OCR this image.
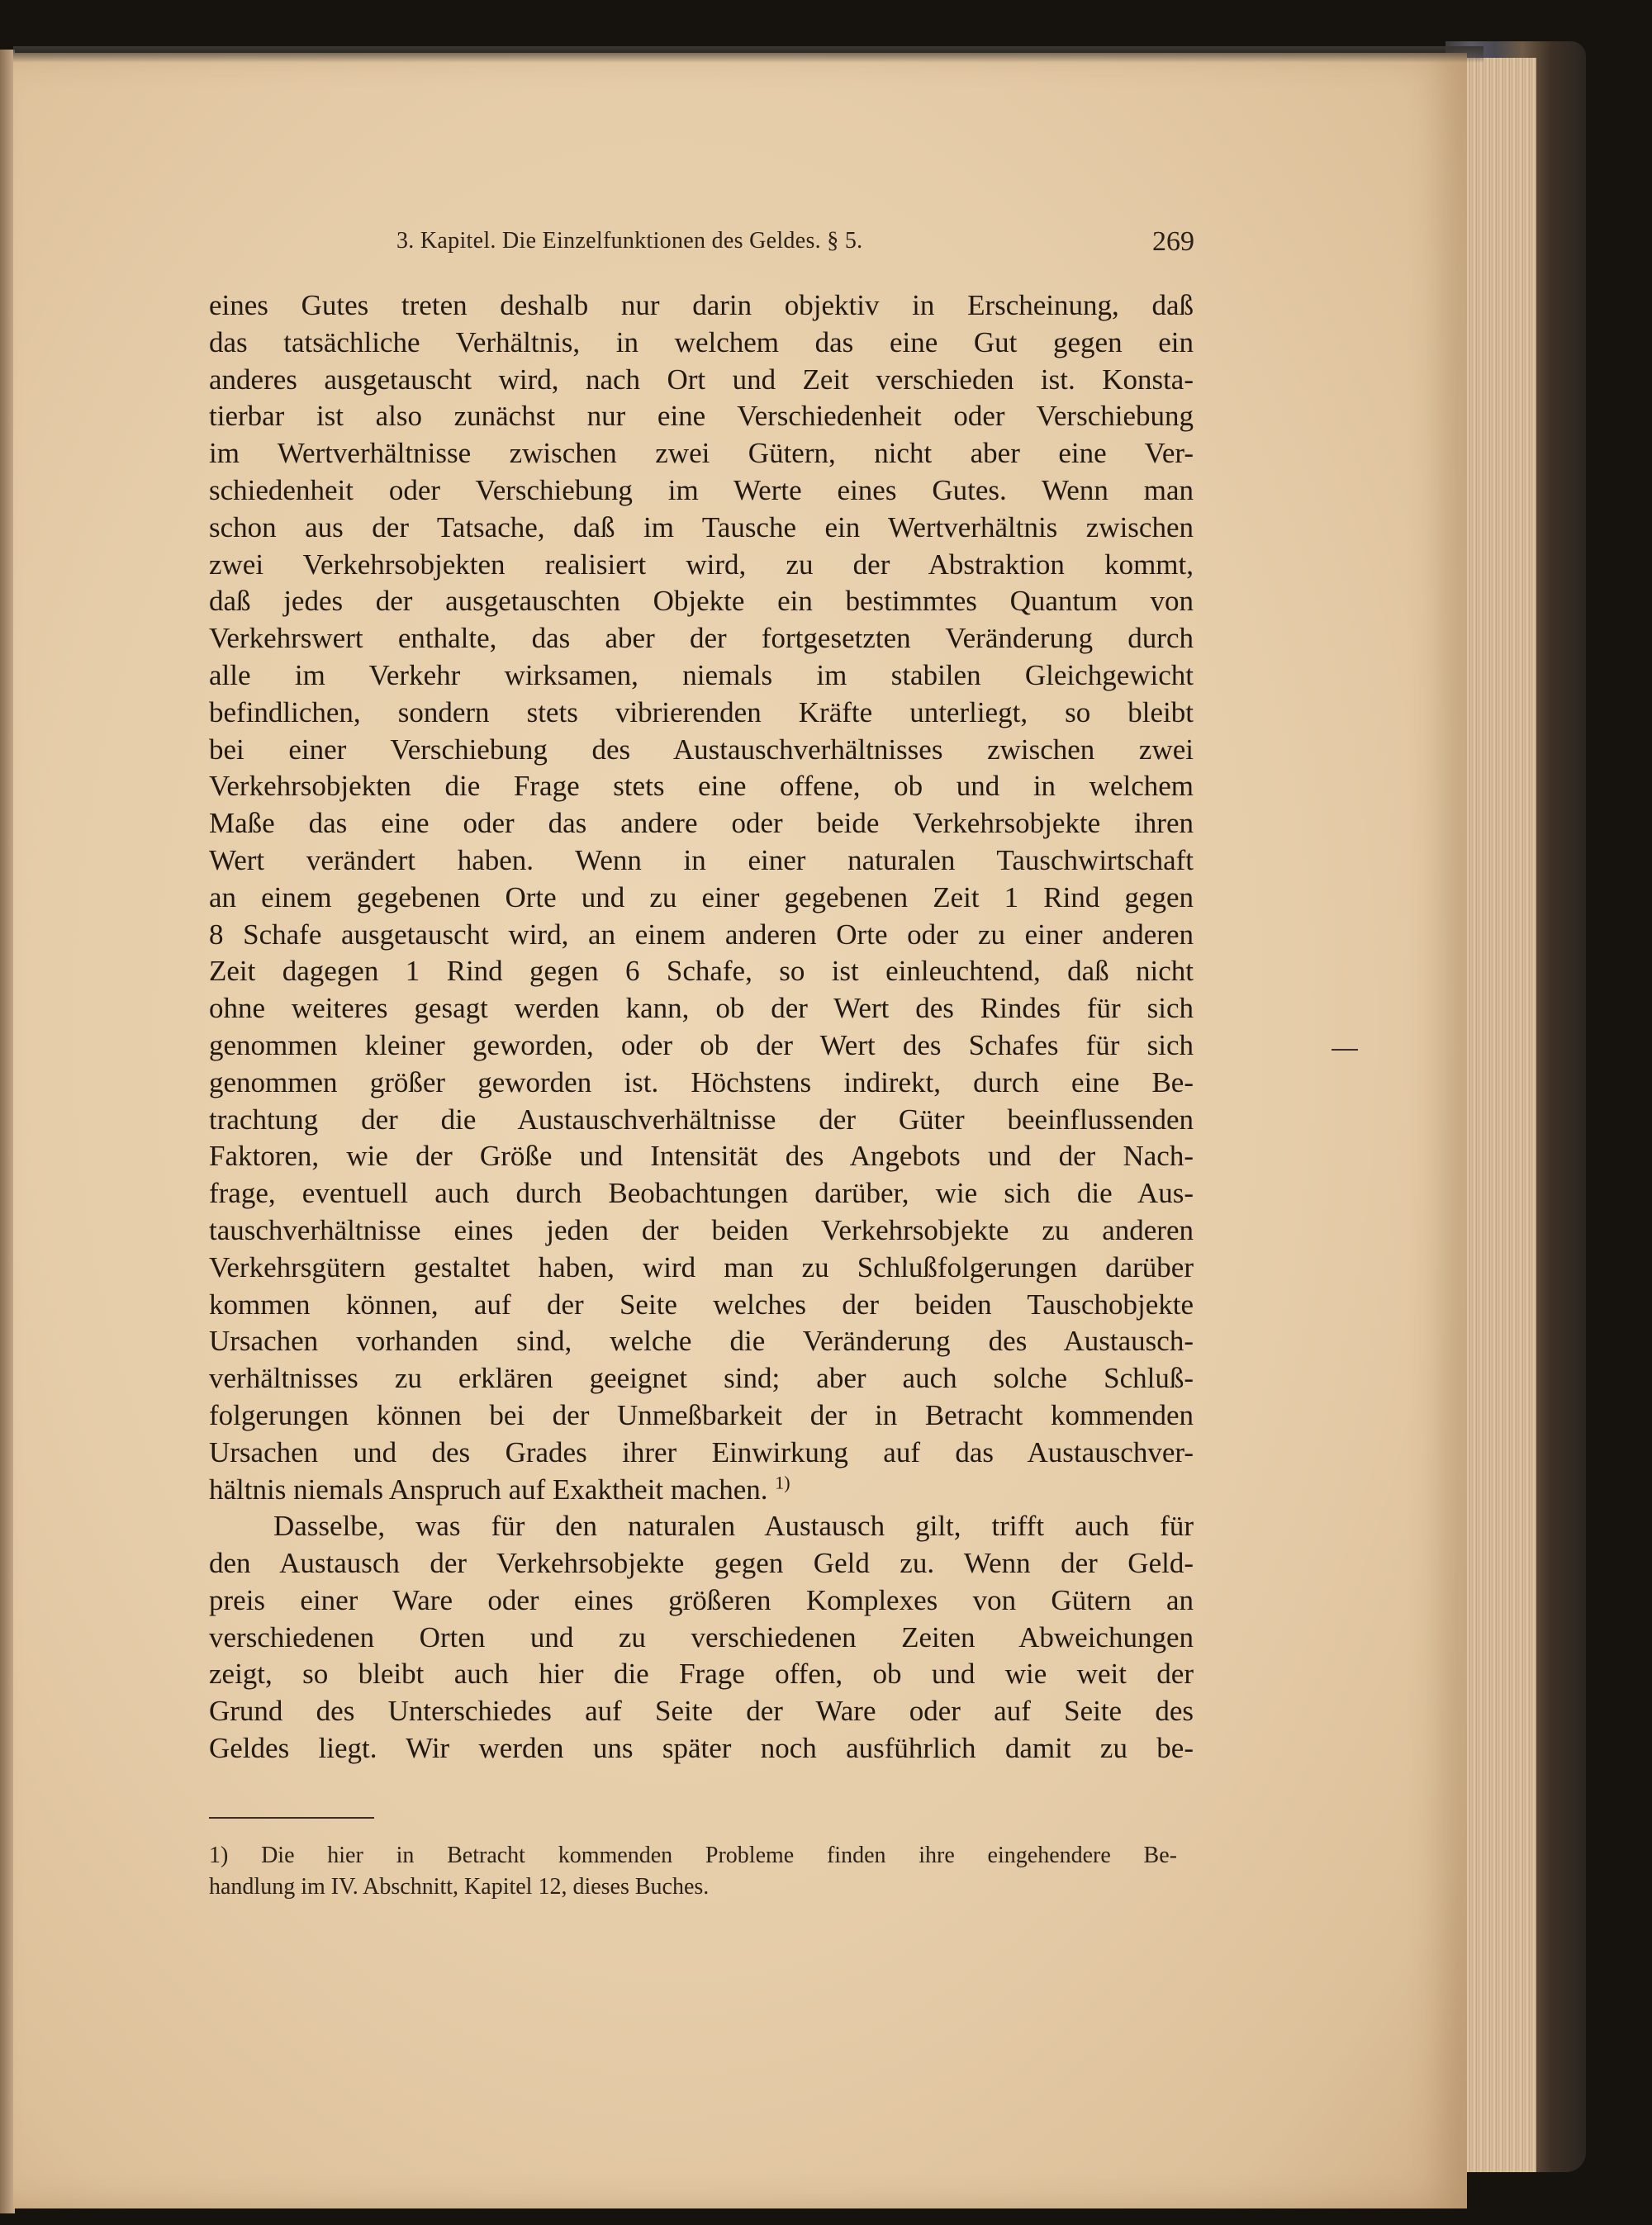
3. Kapitel. Die Einzelfunktionen des Geldes. § 5.	269
eines Gutes treten deshalb nur darin objektiv in Erscheinung, daß
das tatsächliche Verhältnis, in welchem das eine Gut gegen ein
anderes ausgetauscht wird, nach Ort und Zeit verschieden ist. Konsta-
tierbar ist also zunächst nur eine Verschiedenheit oder Verschiebung
im Wertverhältnisse zwischen zwei Gütern, nicht aber eine Ver-
schiedenheit oder Verschiebung im Werte eines Gutes. Wenn man
schon aus der Tatsache, daß im Tausche ein Wertverhältnis zwischen
zwei Verkehrsobjekten realisiert wird, zu der Abstraktion kommt,
daß jedes der ausgetauschten Objekte ein bestimmtes Quantum von
Verkehrswert enthalte, das aber der fortgesetzten Veränderung durch
alle im Verkehr wirksamen, niemals im stabilen Gleichgewicht
befindlichen, sondern stets vibrierenden Kräfte unterliegt, so bleibt
bei einer Verschiebung des Austauschverhältnisses zwischen zwei
Verkehrsobjekten die Frage stets eine offene, ob und in welchem
Maße das eine oder das andere oder beide Verkehrsobjekte ihren
Wert verändert haben. Wenn in einer naturalen Tauschwirtschaft
an einem gegebenen Orte und zu einer gegebenen Zeit 1 Rind gegen
8 Schafe ausgetauscht wird, an einem anderen Orte oder zu einer anderen
Zeit dagegen 1 Rind gegen 6 Schafe, so ist einleuchtend, daß nicht
ohne weiteres gesagt werden kann, ob der Wert des Rindes für sich
genommen kleiner geworden, oder ob der Wert des Schafes für sich
genommen größer geworden ist. Höchstens indirekt, durch eine Be-
trachtung der die Austauschverhältnisse der Güter beeinflussenden
Faktoren, wie der Größe und Intensität des Angebots und der Nach-
frage, eventuell auch durch Beobachtungen darüber, wie sich die Aus-
tauschverhältnisse eines jeden der beiden Verkehrsobjekte zu anderen
Verkehrsgütern gestaltet haben, wird man zu Schlußfolgerungen darüber
kommen können, auf der Seite welches der beiden Tauschobjekte
Ursachen vorhanden sind, welche die Veränderung des Austausch-
verhältnisses zu erklären geeignet sind; aber auch solche Schluß-
folgerungen können bei der Unmeßbarkeit der in Betracht kommenden
Ursachen und des Grades ihrer Einwirkung auf das Austauschver-
hältnis niemals Anspruch auf Exaktheit machen. $^{1)}$
Dasselbe, was für den naturalen Austausch gilt, trifft auch für
den Austausch der Verkehrsobjekte gegen Geld zu. Wenn der Geld-
preis einer Ware oder eines größeren Komplexes von Gütern an
verschiedenen Orten und zu verschiedenen Zeiten Abweichungen
zeigt, so bleibt auch hier die Frage offen, ob und wie weit der
Grund des Unterschiedes auf Seite der Ware oder auf Seite des
Geldes liegt. Wir werden uns später noch ausführlich damit zu be-
1) Die hier in Betracht kommenden Probleme finden ihre eingehendere Be-
handlung im IV. Abschnitt, Kapitel 12, dieses Buches.
